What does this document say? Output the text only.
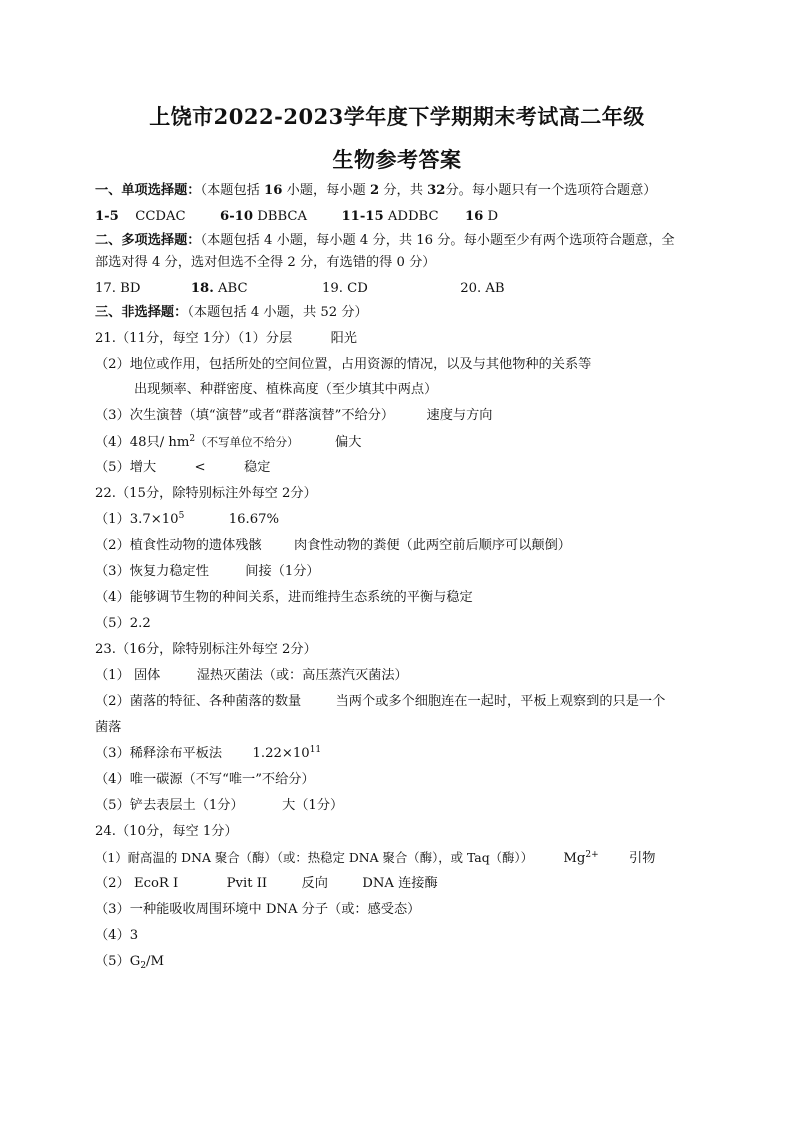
上饶市2022-2023学年度下学期期末考试高二年级
生物参考答案
一、单项选择题：（本题包括 16 小题，每小题 2 分，共 32分。每小题只有一个选项符合题意）
1-5 CCDAC	6-10 DBBCA	11-15 ADDBC 16 D
二、多项选择题：（本题包括 4 小题，每小题 4 分，共 16 分。每小题至少有两个选项符合题意，全
部选对得 4 分，选对但选不全得 2 分，有选错的得 0 分）
17. BD	18. ABC	19. CD	20. AB
三、非选择题：（本题包括 4 小题，共 52 分）
21.（11分，每空 1分）（1）分层	阳光
（2）地位或作用，包括所处的空间位置，占用资源的情况，以及与其他物种的关系等
出现频率、种群密度、植株高度（至少填其中两点）
（3）次生演替（填“演替”或者“群落演替”不给分） 速度与方向
（4）48只/ $hm^2$（不写单位不给分）	偏大
（5）增大	<	稳定
22.（15分，除特别标注外每空 2分）
$(1)3.7\times 10^5$	16.67%
（2）植食性动物的遗体残骸 肉食性动物的粪便（此两空前后顺序可以颠倒）
（3）恢复力稳定性	间接（1分）
（4）能够调节生物的种间关系，进而维持生态系统的平衡与稳定
（5）2.2
23.（16分，除特别标注外每空 2分）
（1） 固体	湿热灭菌法（或：高压蒸汽灭菌法）
（2）菌落的特征、各种菌落的数量	当两个或多个细胞连在一起时，平板上观察到的只是一个
菌落
（3）稀释涂布平板法 $1.22\times 10^{11}$
（4）唯一碳源（不写“唯一”不给分）
（5）铲去表层土（1分）	大（1分）
24.（10分，每空 1分）
（1）耐高温的 DNA 聚合（酶）（或：热稳定 DNA 聚合（酶），或 Taq（酶）） $Mg^{2+}$ 引物
（2） EcoR I	Pvit II	反向	DNA 连接酶
（3）一种能吸收周围环境中 DNA 分子（或：感受态）
（4）3
$(5)G_2/M$
